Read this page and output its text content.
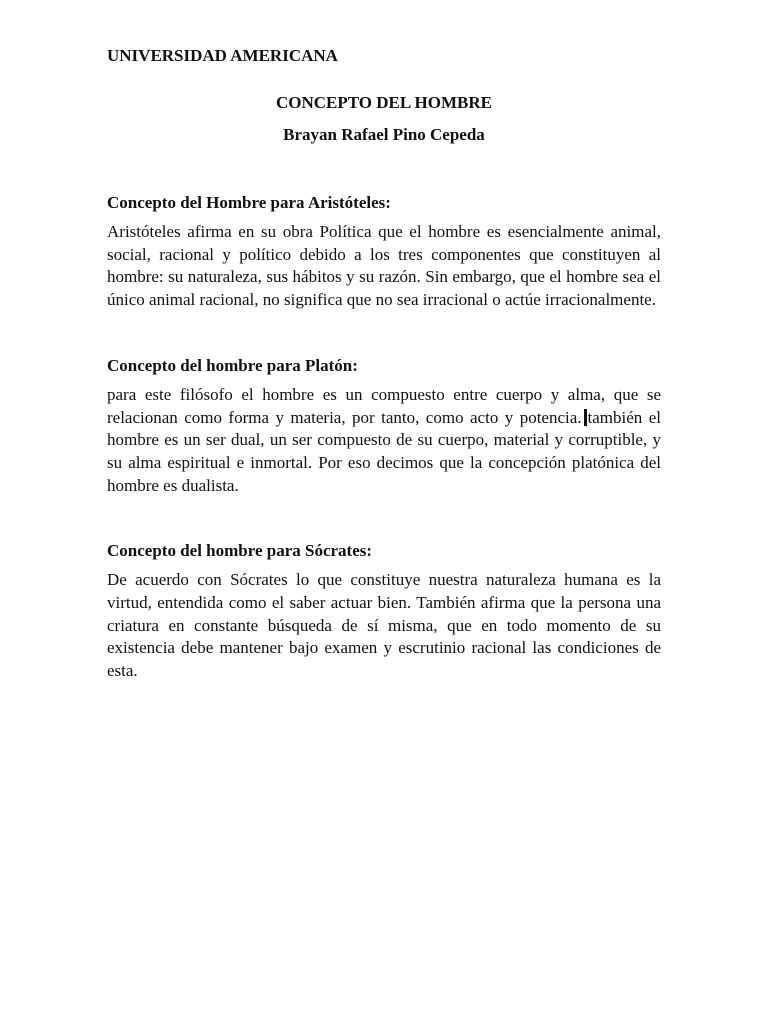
UNIVERSIDAD AMERICANA

CONCEPTO DEL HOMBRE

Brayan Rafael Pino Cepeda

Concepto del Hombre para Aristóteles:

Aristóteles afirma en su obra Política que el hombre es esencialmente animal, social, racional y político debido a los tres componentes que constituyen al hombre: su naturaleza, sus hábitos y su razón. Sin embargo, que el hombre sea el único animal racional, no significa que no sea irracional o actúe irracionalmente.

Concepto del hombre para Platón:

para este filósofo el hombre es un compuesto entre cuerpo y alma, que se relacionan como forma y materia, por tanto, como acto y potencia. también el hombre es un ser dual, un ser compuesto de su cuerpo, material y corruptible, y su alma espiritual e inmortal. Por eso decimos que la concepción platónica del hombre es dualista.

Concepto del hombre para Sócrates:

De acuerdo con Sócrates lo que constituye nuestra naturaleza humana es la virtud, entendida como el saber actuar bien. También afirma que la persona una criatura en constante búsqueda de sí misma, que en todo momento de su existencia debe mantener bajo examen y escrutinio racional las condiciones de esta.
